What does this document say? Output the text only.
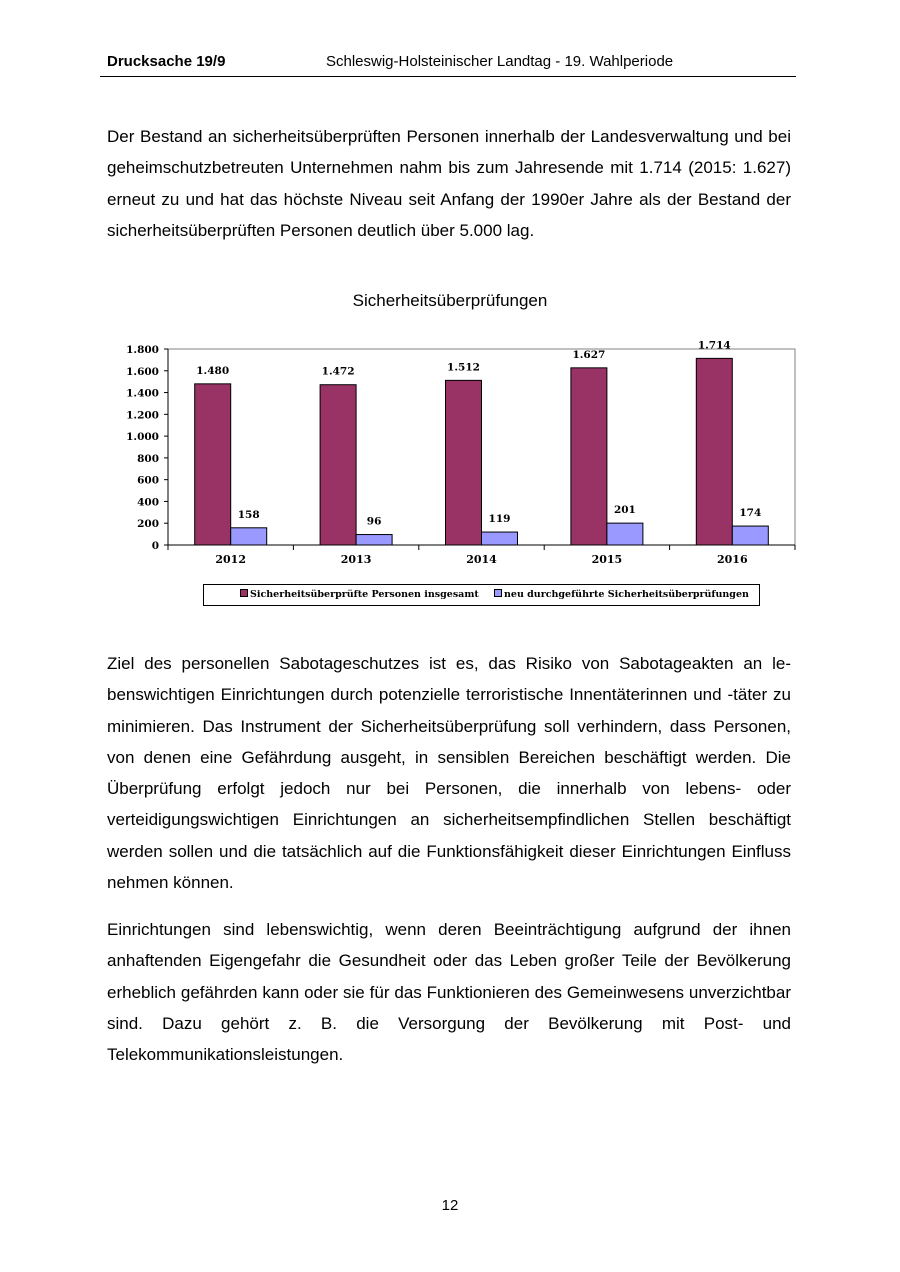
Drucksache 19/9	Schleswig-Holsteinischer Landtag - 19. Wahlperiode

Der Bestand an sicherheitsüberprüften Personen innerhalb der Landesverwaltung und bei geheimschutzbetreuten Unternehmen nahm bis zum Jahresende mit 1.714 (2015: 1.627) erneut zu und hat das höchste Niveau seit Anfang der 1990er Jahre als der Bestand der sicherheitsüberprüften Personen deutlich über 5.000 lag.

Sicherheitsüberprüfungen
0
200
400
600
800
1.000
1.200
1.400
1.600
1.800
2012	2013	2014	2015	2016
1.480	1.472	1.512
1.627
1.714
158
96	119
201	174
Sicherheitsüberprüfte Personen insgesamt	neu durchgeführte Sicherheitsüberprüfungen

Ziel des personellen Sabotageschutzes ist es, das Risiko von Sabotageakten an lebenswichtigen Einrichtungen durch potenzielle terroristische Innentäterinnen und -täter zu minimieren. Das Instrument der Sicherheitsüberprüfung soll verhindern, dass Personen, von denen eine Gefährdung ausgeht, in sensiblen Bereichen beschäftigt werden. Die Überprüfung erfolgt jedoch nur bei Personen, die innerhalb von lebens- oder verteidigungswichtigen Einrichtungen an sicherheitsempfindlichen Stellen beschäftigt werden sollen und die tatsächlich auf die Funktionsfähigkeit dieser Einrichtungen Einfluss nehmen können.

Einrichtungen sind lebenswichtig, wenn deren Beeinträchtigung aufgrund der ihnen anhaftenden Eigengefahr die Gesundheit oder das Leben großer Teile der Bevölkerung erheblich gefährden kann oder sie für das Funktionieren des Gemeinwesens unverzichtbar sind. Dazu gehört z. B. die Versorgung der Bevölkerung mit Post- und Telekommunikationsleistungen.

12
